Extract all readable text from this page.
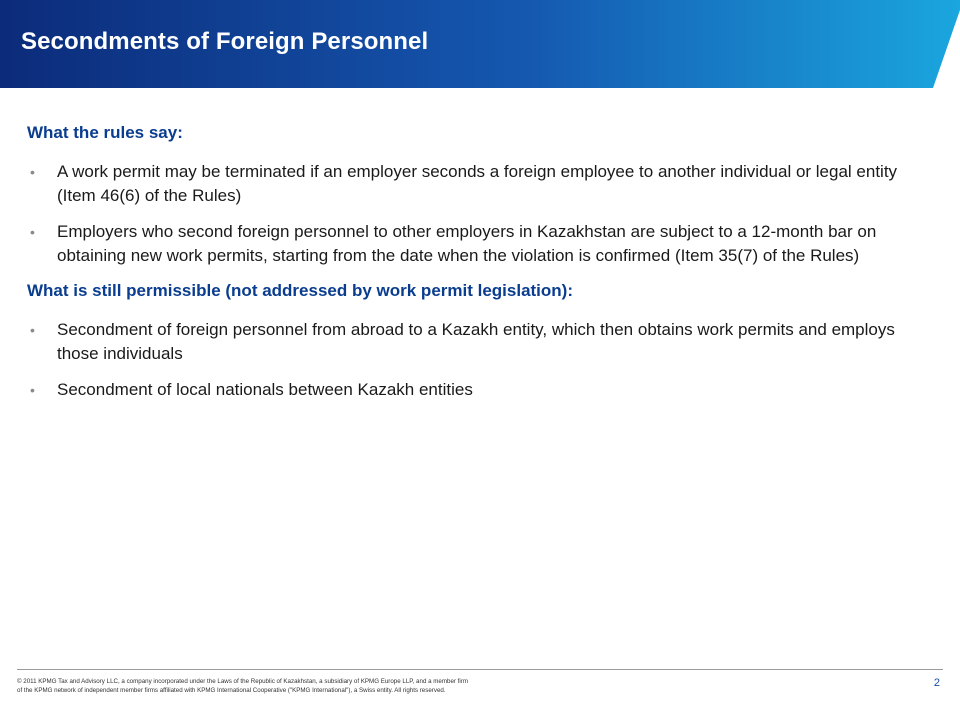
Secondments of Foreign Personnel
What the rules say:
• A work permit may be terminated if an employer seconds a foreign employee to another individual or legal entity (Item 46(6) of the Rules)
• Employers who second foreign personnel to other employers in Kazakhstan are subject to a 12-month bar on obtaining new work permits, starting from the date when the violation is confirmed (Item 35(7) of the Rules)
What is still permissible (not addressed by work permit legislation):
• Secondment of foreign personnel from abroad to a Kazakh entity, which then obtains work permits and employs those individuals
• Secondment of local nationals between Kazakh entities
© 2011 KPMG Tax and Advisory LLC, a company incorporated under the Laws of the Republic of Kazakhstan, a subsidiary of KPMG Europe LLP, and a member firm
of the KPMG network of independent member firms affiliated with KPMG International Cooperative ("KPMG International"), a Swiss entity. All rights reserved.
2
